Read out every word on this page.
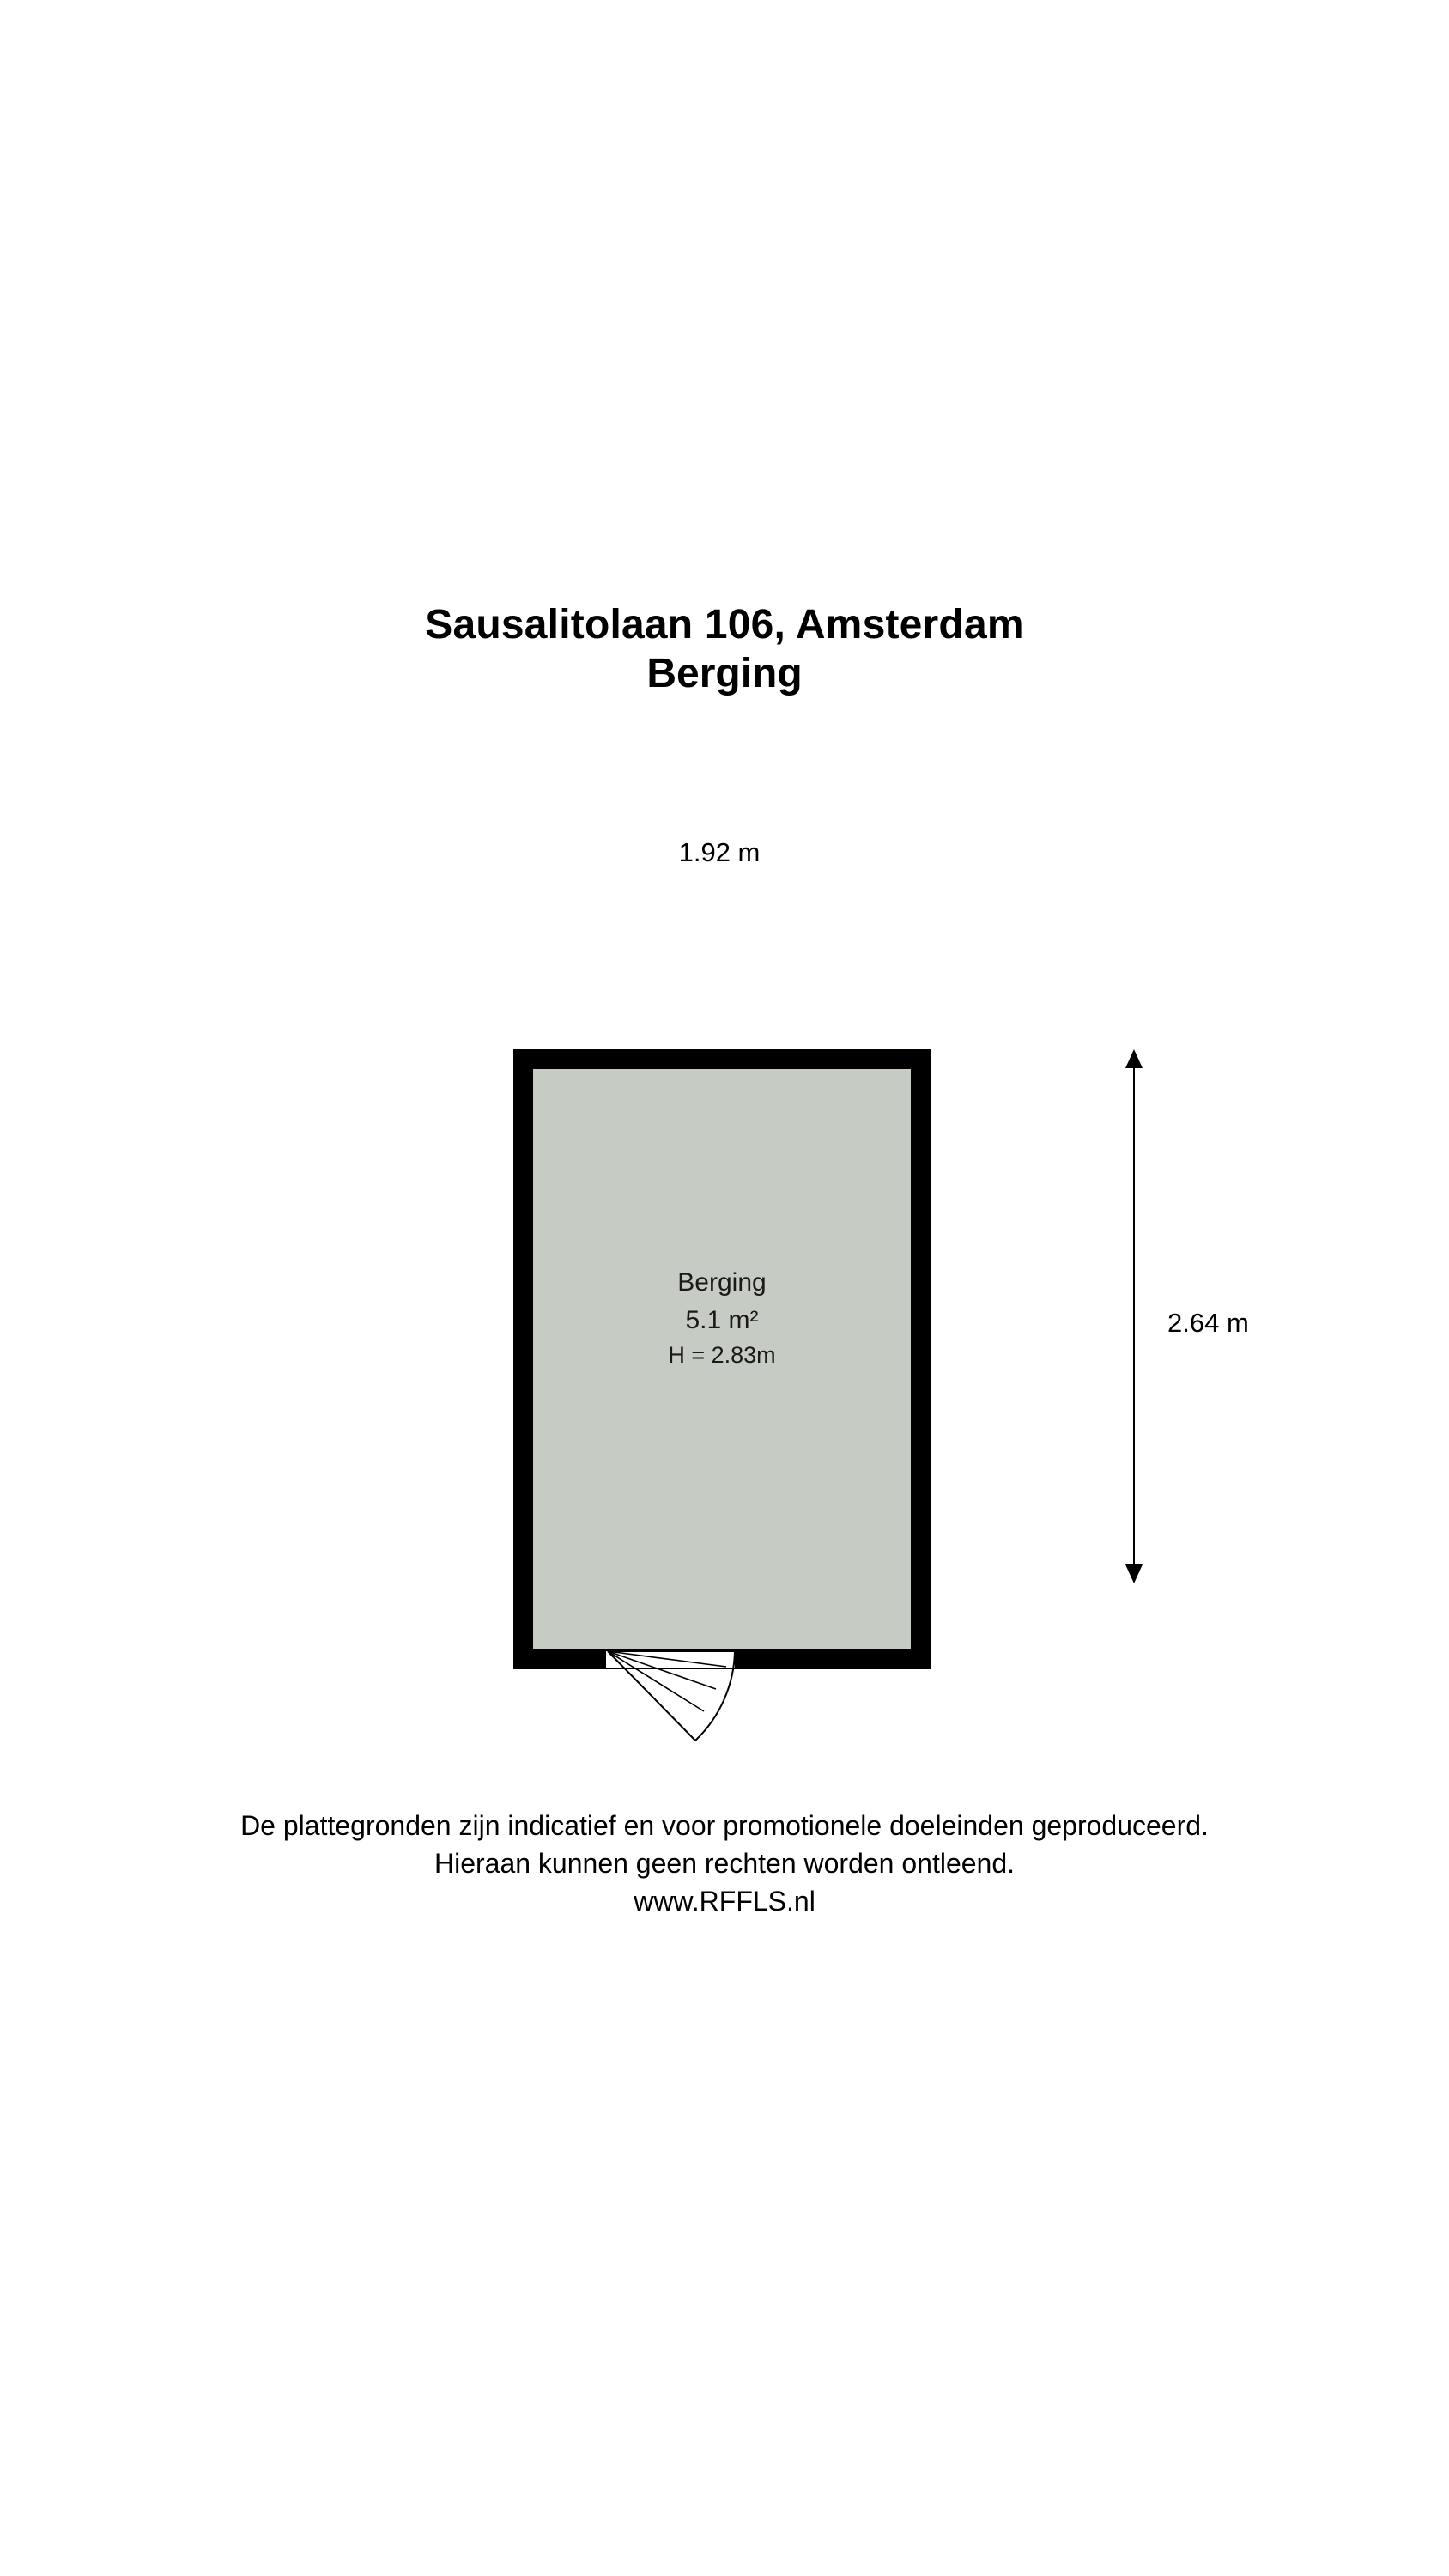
Sausalitolaan 106, Amsterdam
Berging
1.92 m
Berging
5.1 m²
H = 2.83m
2.64 m
De plattegronden zijn indicatief en voor promotionele doeleinden geproduceerd.
Hieraan kunnen geen rechten worden ontleend.
www.RFFLS.nl
